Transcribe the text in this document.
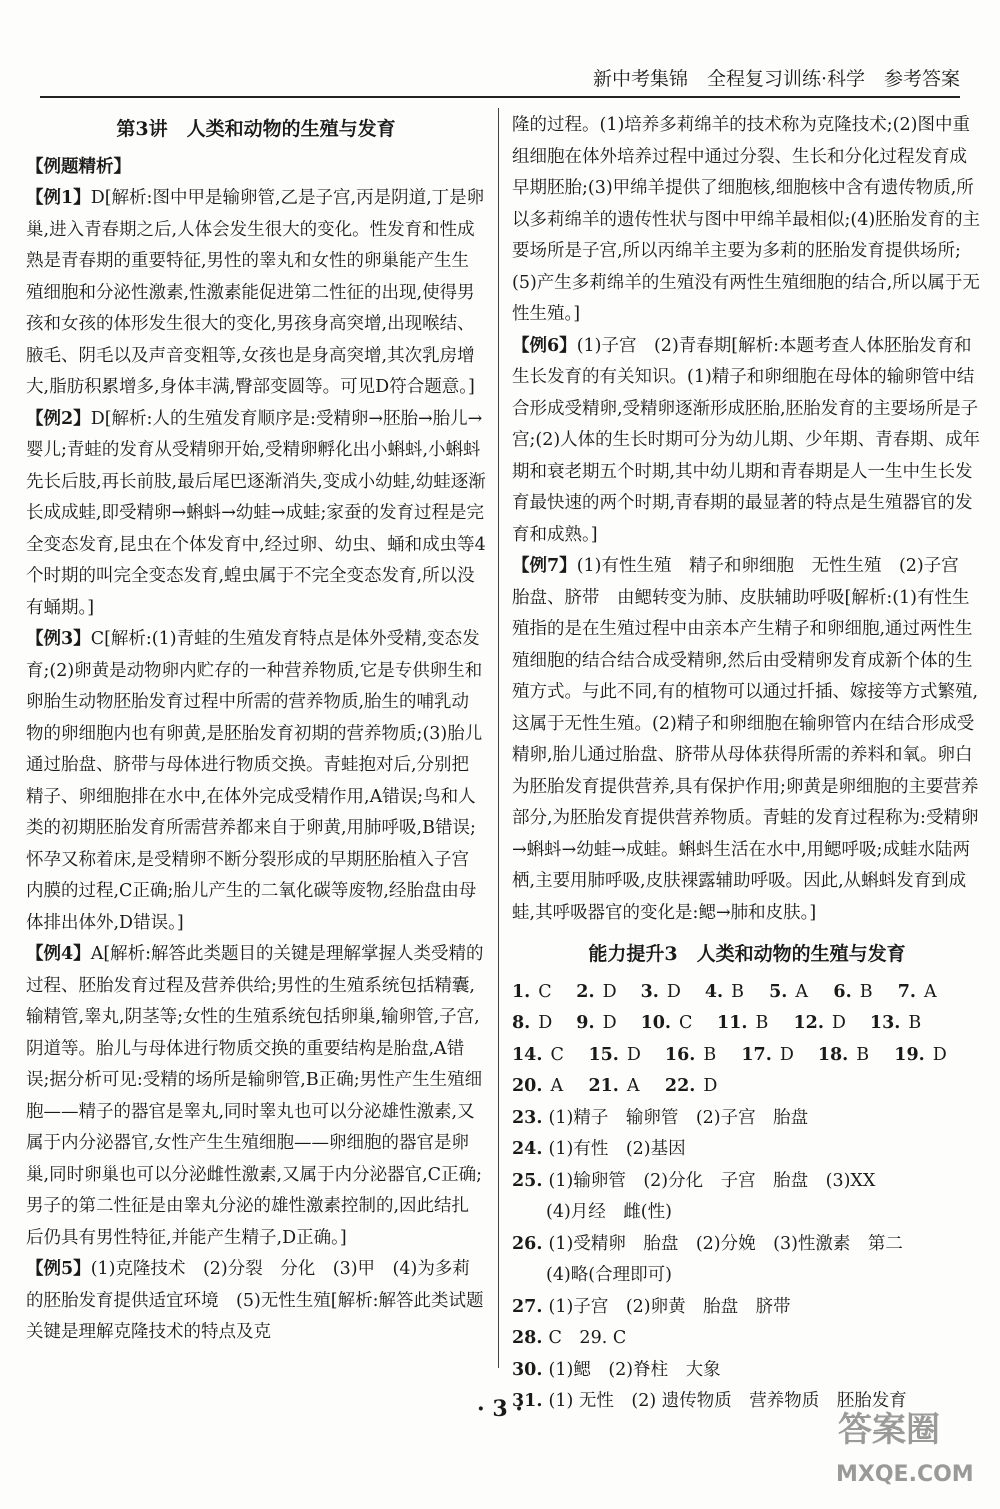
新中考集锦　全程复习训练·科学　参考答案
第3讲　人类和动物的生殖与发育
【例题精析】

【例1】D[解析:图中甲是输卵管,乙是子宫,丙是阴道,丁是卵巢,进入青春期之后,人体会发生很大的变化。性发育和性成熟是青春期的重要特征,男性的睾丸和女性的卵巢能产生生殖细胞和分泌性激素,性激素能促进第二性征的出现,使得男孩和女孩的体形发生很大的变化,男孩身高突增,出现喉结、腋毛、阴毛以及声音变粗等,女孩也是身高突增,其次乳房增大,脂肪积累增多,身体丰满,臀部变圆等。可见D符合题意。]

【例2】D[解析:人的生殖发育顺序是:受精卵→胚胎→胎儿→婴儿;青蛙的发育从受精卵开始,受精卵孵化出小蝌蚪,小蝌蚪先长后肢,再长前肢,最后尾巴逐渐消失,变成小幼蛙,幼蛙逐渐长成成蛙,即受精卵→蝌蚪→幼蛙→成蛙;家蚕的发育过程是完全变态发育,昆虫在个体发育中,经过卵、幼虫、蛹和成虫等4个时期的叫完全变态发育,蝗虫属于不完全变态发育,所以没有蛹期。]

【例3】C[解析:(1)青蛙的生殖发育特点是体外受精,变态发育;(2)卵黄是动物卵内贮存的一种营养物质,它是专供卵生和卵胎生动物胚胎发育过程中所需的营养物质,胎生的哺乳动物的卵细胞内也有卵黄,是胚胎发育初期的营养物质;(3)胎儿通过胎盘、脐带与母体进行物质交换。青蛙抱对后,分别把精子、卵细胞排在水中,在体外完成受精作用,A错误;鸟和人类的初期胚胎发育所需营养都来自于卵黄,用肺呼吸,B错误;怀孕又称着床,是受精卵不断分裂形成的早期胚胎植入子宫内膜的过程,C正确;胎儿产生的二氧化碳等废物,经胎盘由母体排出体外,D错误。]

【例4】A[解析:解答此类题目的关键是理解掌握人类受精的过程、胚胎发育过程及营养供给;男性的生殖系统包括精囊,输精管,睾丸,阴茎等;女性的生殖系统包括卵巢,输卵管,子宫,阴道等。胎儿与母体进行物质交换的重要结构是胎盘,A错误;据分析可见:受精的场所是输卵管,B正确;男性产生生殖细胞——精子的器官是睾丸,同时睾丸也可以分泌雄性激素,又属于内分泌器官,女性产生生殖细胞——卵细胞的器官是卵巢,同时卵巢也可以分泌雌性激素,又属于内分泌器官,C正确;男子的第二性征是由睾丸分泌的雄性激素控制的,因此结扎后仍具有男性特征,并能产生精子,D正确。]

【例5】(1)克隆技术　(2)分裂　分化　(3)甲　(4)为多莉的胚胎发育提供适宜环境　(5)无性生殖[解析:解答此类试题关键是理解克隆技术的特点及克

隆的过程。(1)培养多莉绵羊的技术称为克隆技术;(2)图中重组细胞在体外培养过程中通过分裂、生长和分化过程发育成早期胚胎;(3)甲绵羊提供了细胞核,细胞核中含有遗传物质,所以多莉绵羊的遗传性状与图中甲绵羊最相似;(4)胚胎发育的主要场所是子宫,所以丙绵羊主要为多莉的胚胎发育提供场所;(5)产生多莉绵羊的生殖没有两性生殖细胞的结合,所以属于无性生殖。]

【例6】(1)子宫　(2)青春期[解析:本题考查人体胚胎发育和生长发育的有关知识。(1)精子和卵细胞在母体的输卵管中结合形成受精卵,受精卵逐渐形成胚胎,胚胎发育的主要场所是子宫;(2)人体的生长时期可分为幼儿期、少年期、青春期、成年期和衰老期五个时期,其中幼儿期和青春期是人一生中生长发育最快速的两个时期,青春期的最显著的特点是生殖器官的发育和成熟。]

【例7】(1)有性生殖　精子和卵细胞　无性生殖　(2)子宫　胎盘、脐带　由鳃转变为肺、皮肤辅助呼吸[解析:(1)有性生殖指的是在生殖过程中由亲本产生精子和卵细胞,通过两性生殖细胞的结合结合成受精卵,然后由受精卵发育成新个体的生殖方式。与此不同,有的植物可以通过扦插、嫁接等方式繁殖,这属于无性生殖。(2)精子和卵细胞在输卵管内在结合形成受精卵,胎儿通过胎盘、脐带从母体获得所需的养料和氧。卵白为胚胎发育提供营养,具有保护作用;卵黄是卵细胞的主要营养部分,为胚胎发育提供营养物质。青蛙的发育过程称为:受精卵→蝌蚪→幼蛙→成蛙。蝌蚪生活在水中,用鳃呼吸;成蛙水陆两栖,主要用肺呼吸,皮肤裸露辅助呼吸。因此,从蝌蚪发育到成蛙,其呼吸器官的变化是:鳃→肺和皮肤。]

能力提升3　人类和动物的生殖与发育
1. C	2. D	3. D	4. B	5. A	6. B	7. A
8. D	9. D	10. C	11. B	12. D	13. B
14. C	15. D	16. B	17. D	18. B	19. D
20. A	21. A	22. D
23. (1)精子　输卵管　(2)子宫　胎盘
24. (1)有性　(2)基因
25. (1)输卵管　(2)分化　子宫　胎盘　(3)XX
(4)月经　雌(性)
26. (1)受精卵　胎盘　(2)分娩　(3)性激素　第二
(4)略(合理即可)
27. (1)子宫　(2)卵黄　胎盘　脐带
28. C　29. C
30. (1)鳃　(2)脊柱　大象
31. (1) 无性　(2) 遗传物质　营养物质　胚胎发育
· 3 ·
答案圈
MXQE.COM
